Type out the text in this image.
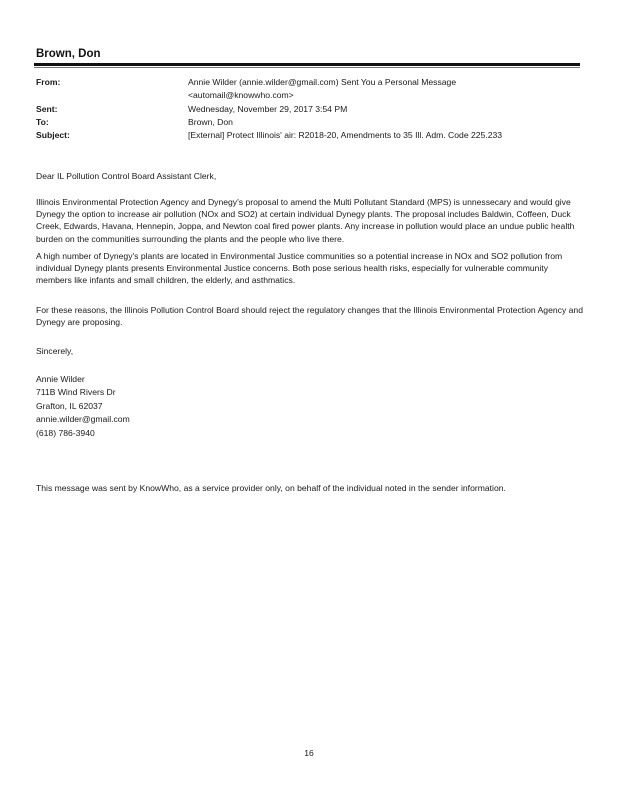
Brown, Don
From:	Annie Wilder (annie.wilder@gmail.com) Sent You a Personal Message
<automail@knowwho.com>
Sent:	Wednesday, November 29, 2017 3:54 PM
To:	Brown, Don
Subject:	[External] Protect Illinois' air: R2018-20, Amendments to 35 Ill. Adm. Code 225.233
Dear IL Pollution Control Board Assistant Clerk,

Illinois Environmental Protection Agency and Dynegy's proposal to amend the Multi Pollutant Standard (MPS) is unnessecary and would give Dynegy the option to increase air pollution (NOx and SO2) at certain individual Dynegy plants. The proposal includes Baldwin, Coffeen, Duck Creek, Edwards, Havana, Hennepin, Joppa, and Newton coal fired power plants. Any increase in pollution would place an undue public health burden on the communities surrounding the plants and the people who live there.

A high number of Dynegy's plants are located in Environmental Justice communities so a potential increase in NOx and SO2 pollution from individual Dynegy plants presents Environmental Justice concerns. Both pose serious health risks, especially for vulnerable community members like infants and small children, the elderly, and asthmatics.

For these reasons, the Illinois Pollution Control Board should reject the regulatory changes that the Illinois Environmental Protection Agency and Dynegy are proposing.

Sincerely,
Annie Wilder
711B Wind Rivers Dr
Grafton, IL 62037
annie.wilder@gmail.com
(618) 786-3940
This message was sent by KnowWho, as a service provider only, on behalf of the individual noted in the sender information.
16
